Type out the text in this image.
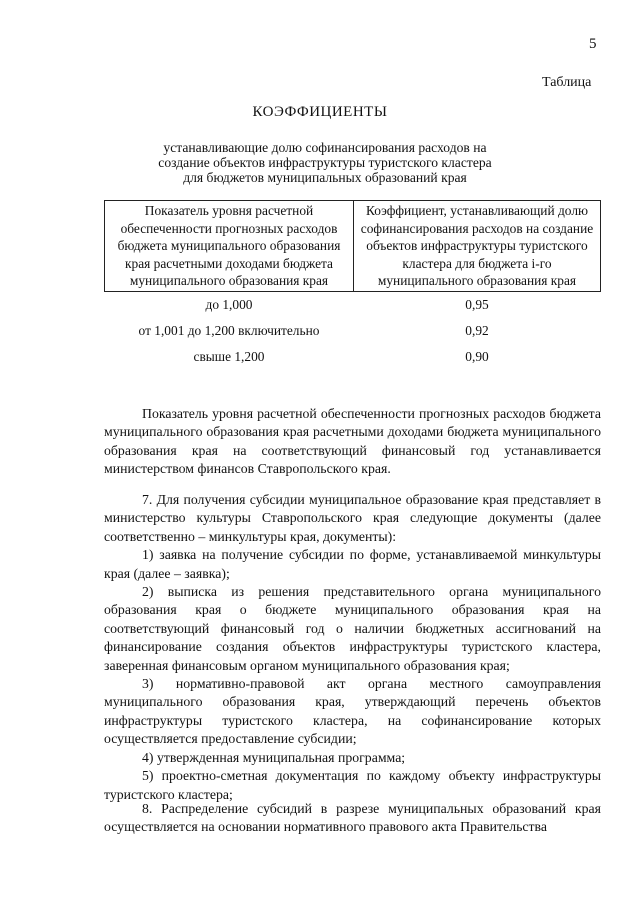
5
Таблица
КОЭФФИЦИЕНТЫ
устанавливающие долю софинансирования расходов на создание объектов инфраструктуры туристского кластера для бюджетов муниципальных образований края
Показатель уровня расчетной обеспеченности прогнозных расходов бюджета муниципального образования края расчетными доходами бюджета муниципального образования края	Коэффициент, устанавливающий долю софинансирования расходов на создание объектов инфраструктуры туристского кластера для бюджета i-го муниципального образования края
до 1,000	0,95
от 1,001 до 1,200 включительно	0,92
свыше 1,200	0,90

Показатель уровня расчетной обеспеченности прогнозных расходов бюджета муниципального образования края расчетными доходами бюджета муниципального образования края на соответствующий финансовый год устанавливается министерством финансов Ставропольского края.

7. Для получения субсидии муниципальное образование края представляет в министерство культуры Ставропольского края следующие документы (далее соответственно – минкультуры края, документы):

1) заявка на получение субсидии по форме, устанавливаемой минкультуры края (далее – заявка);

2) выписка из решения представительного органа муниципального образования края о бюджете муниципального образования края на соответствующий финансовый год о наличии бюджетных ассигнований на финансирование создания объектов инфраструктуры туристского кластера, заверенная финансовым органом муниципального образования края;

3) нормативно-правовой акт органа местного самоуправления муниципального образования края, утверждающий перечень объектов инфраструктуры туристского кластера, на софинансирование которых осуществляется предоставление субсидии;

4) утвержденная муниципальная программа;

5) проектно-сметная документация по каждому объекту инфраструктуры туристского кластера;

8. Распределение субсидий в разрезе муниципальных образований края осуществляется на основании нормативного правового акта Правительства
